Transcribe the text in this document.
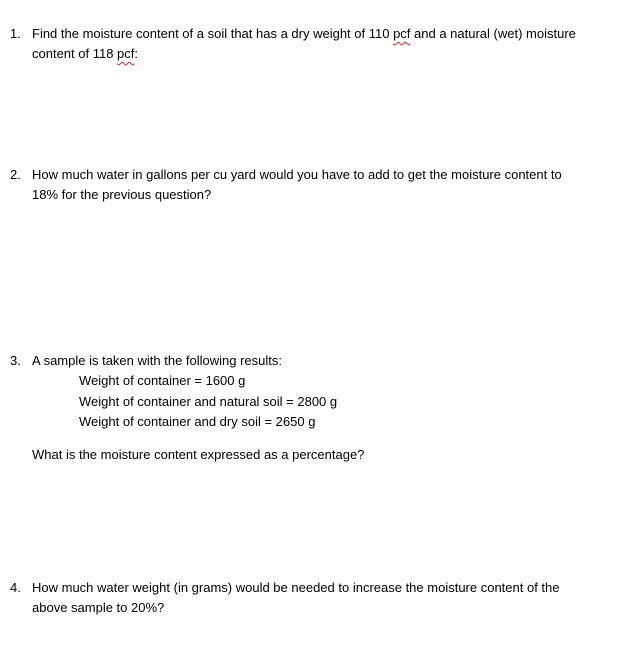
1. Find the moisture content of a soil that has a dry weight of 110 pcf and a natural (wet) moisture
content of 118 pcf:
2. How much water in gallons per cu yard would you have to add to get the moisture content to
18% for the previous question?
3. A sample is taken with the following results:
Weight of container = 1600 g
Weight of container and natural soil = 2800 g
Weight of container and dry soil = 2650 g
What is the moisture content expressed as a percentage?
4. How much water weight (in grams) would be needed to increase the moisture content of the
above sample to 20%?
